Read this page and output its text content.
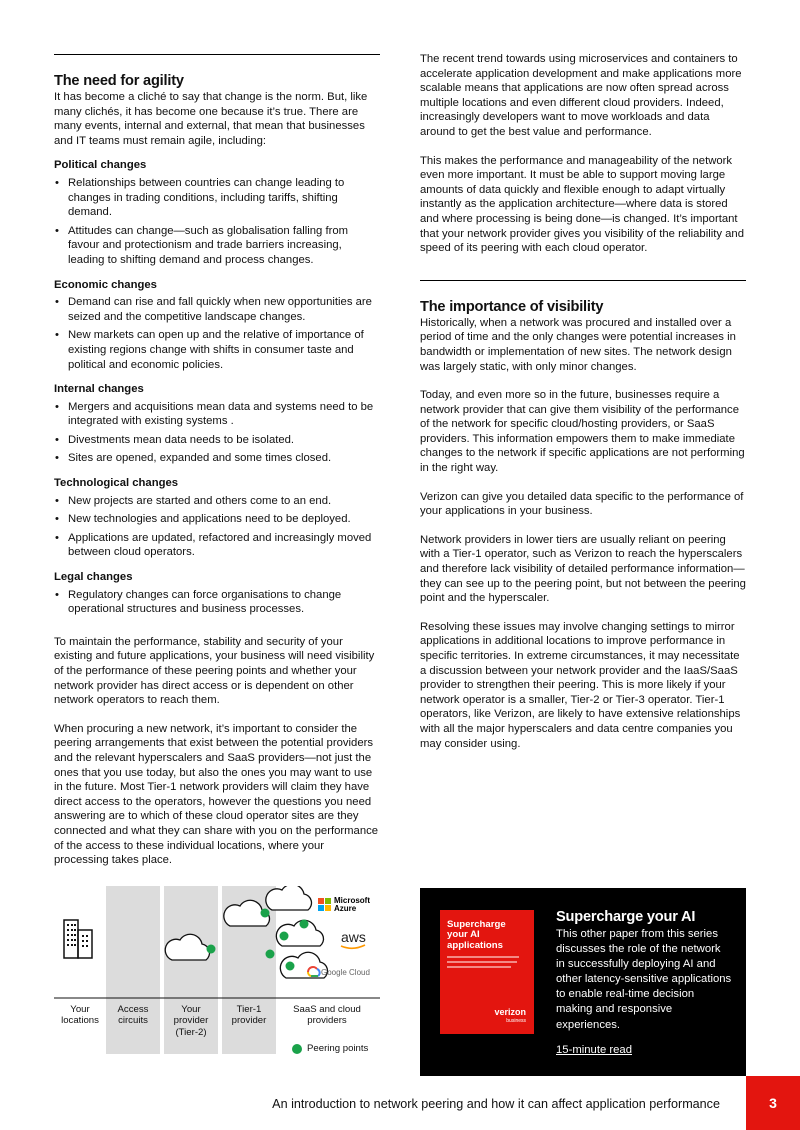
The need for agility

It has become a cliché to say that change is the norm. But, like many clichés, it has become one because it’s true. There are many events, internal and external, that mean that businesses and IT teams must remain agile, including:

Political changes
• Relationships between countries can change leading to changes in trading conditions, including tariffs, shifting demand.
• Attitudes can change—such as globalisation falling from favour and protectionism and trade barriers increasing, leading to shifting demand and process changes.
Economic changes
• Demand can rise and fall quickly when new opportunities are seized and the competitive landscape changes.
• New markets can open up and the relative of importance of existing regions change with shifts in consumer taste and political and economic policies.
Internal changes
• Mergers and acquisitions mean data and systems need to be integrated with existing systems .
• Divestments mean data needs to be isolated.
• Sites are opened, expanded and some times closed.
Technological changes
• New projects are started and others come to an end.
• New technologies and applications need to be deployed.
• Applications are updated, refactored and increasingly moved between cloud operators.
Legal changes
• Regulatory changes can force organisations to change operational structures and business processes.

To maintain the performance, stability and security of your existing and future applications, your business will need visibility of the performance of these peering points and whether your network provider has direct access or is dependent on other network operators to reach them.

When procuring a new network, it’s important to consider the peering arrangements that exist between the potential providers and the relevant hyperscalers and SaaS providers—not just the ones that you use today, but also the ones you may want to use in the future. Most Tier-1 network providers will claim they have direct access to the operators, however the questions you need answering are to which of these cloud operator sites are they connected and what they can share with you on the performance of the access to these individual locations, where your processing takes place.

The recent trend towards using microservices and containers to accelerate application development and make applications more scalable means that applications are now often spread across multiple locations and even different cloud providers. Indeed, increasingly developers want to move workloads and data around to get the best value and performance.

This makes the performance and manageability of the network even more important. It must be able to support moving large amounts of data quickly and flexible enough to adapt virtually instantly as the application architecture—where data is stored and where processing is being done—is changed. It’s important that your network provider gives you visibility of the reliability and speed of its peering with each cloud operator.

The importance of visibility

Historically, when a network was procured and installed over a period of time and the only changes were potential increases in bandwidth or implementation of new sites. The network design was largely static, with only minor changes.

Today, and even more so in the future, businesses require a network provider that can give them visibility of the performance of the network for specific cloud/hosting providers, or SaaS providers. This information empowers them to make immediate changes to the network if specific applications are not performing in the right way.

Verizon can give you detailed data specific to the performance of your applications in your business.

Network providers in lower tiers are usually reliant on peering with a Tier-1 operator, such as Verizon to reach the hyperscalers and therefore lack visibility of detailed performance information—they can see up to the peering point, but not between the peering point and the hyperscaler.

Resolving these issues may involve changing settings to mirror applications in additional locations to improve performance in specific territories. In extreme circumstances, it may necessitate a discussion between your network provider and the IaaS/SaaS provider to strengthen their peering. This is more likely if your network operator is a smaller, Tier-2 or Tier-3 operator. Tier-1 operators, like Verizon, are likely to have extensive relationships with all the major hyperscalers and data centre companies you may consider using.

Microsoft
Azure
aws
Google Cloud
Your locations
Access circuits
Your provider (Tier-2)
Tier-1 provider
SaaS and cloud providers
Peering points
Supercharge your AI applications
verizon
business
Supercharge your AI
This other paper from this series discusses the role of the network in successfully deploying AI and other latency-sensitive applications to enable real-time decision making and responsive experiences.
15-minute read
An introduction to network peering and how it can affect application performance	3
